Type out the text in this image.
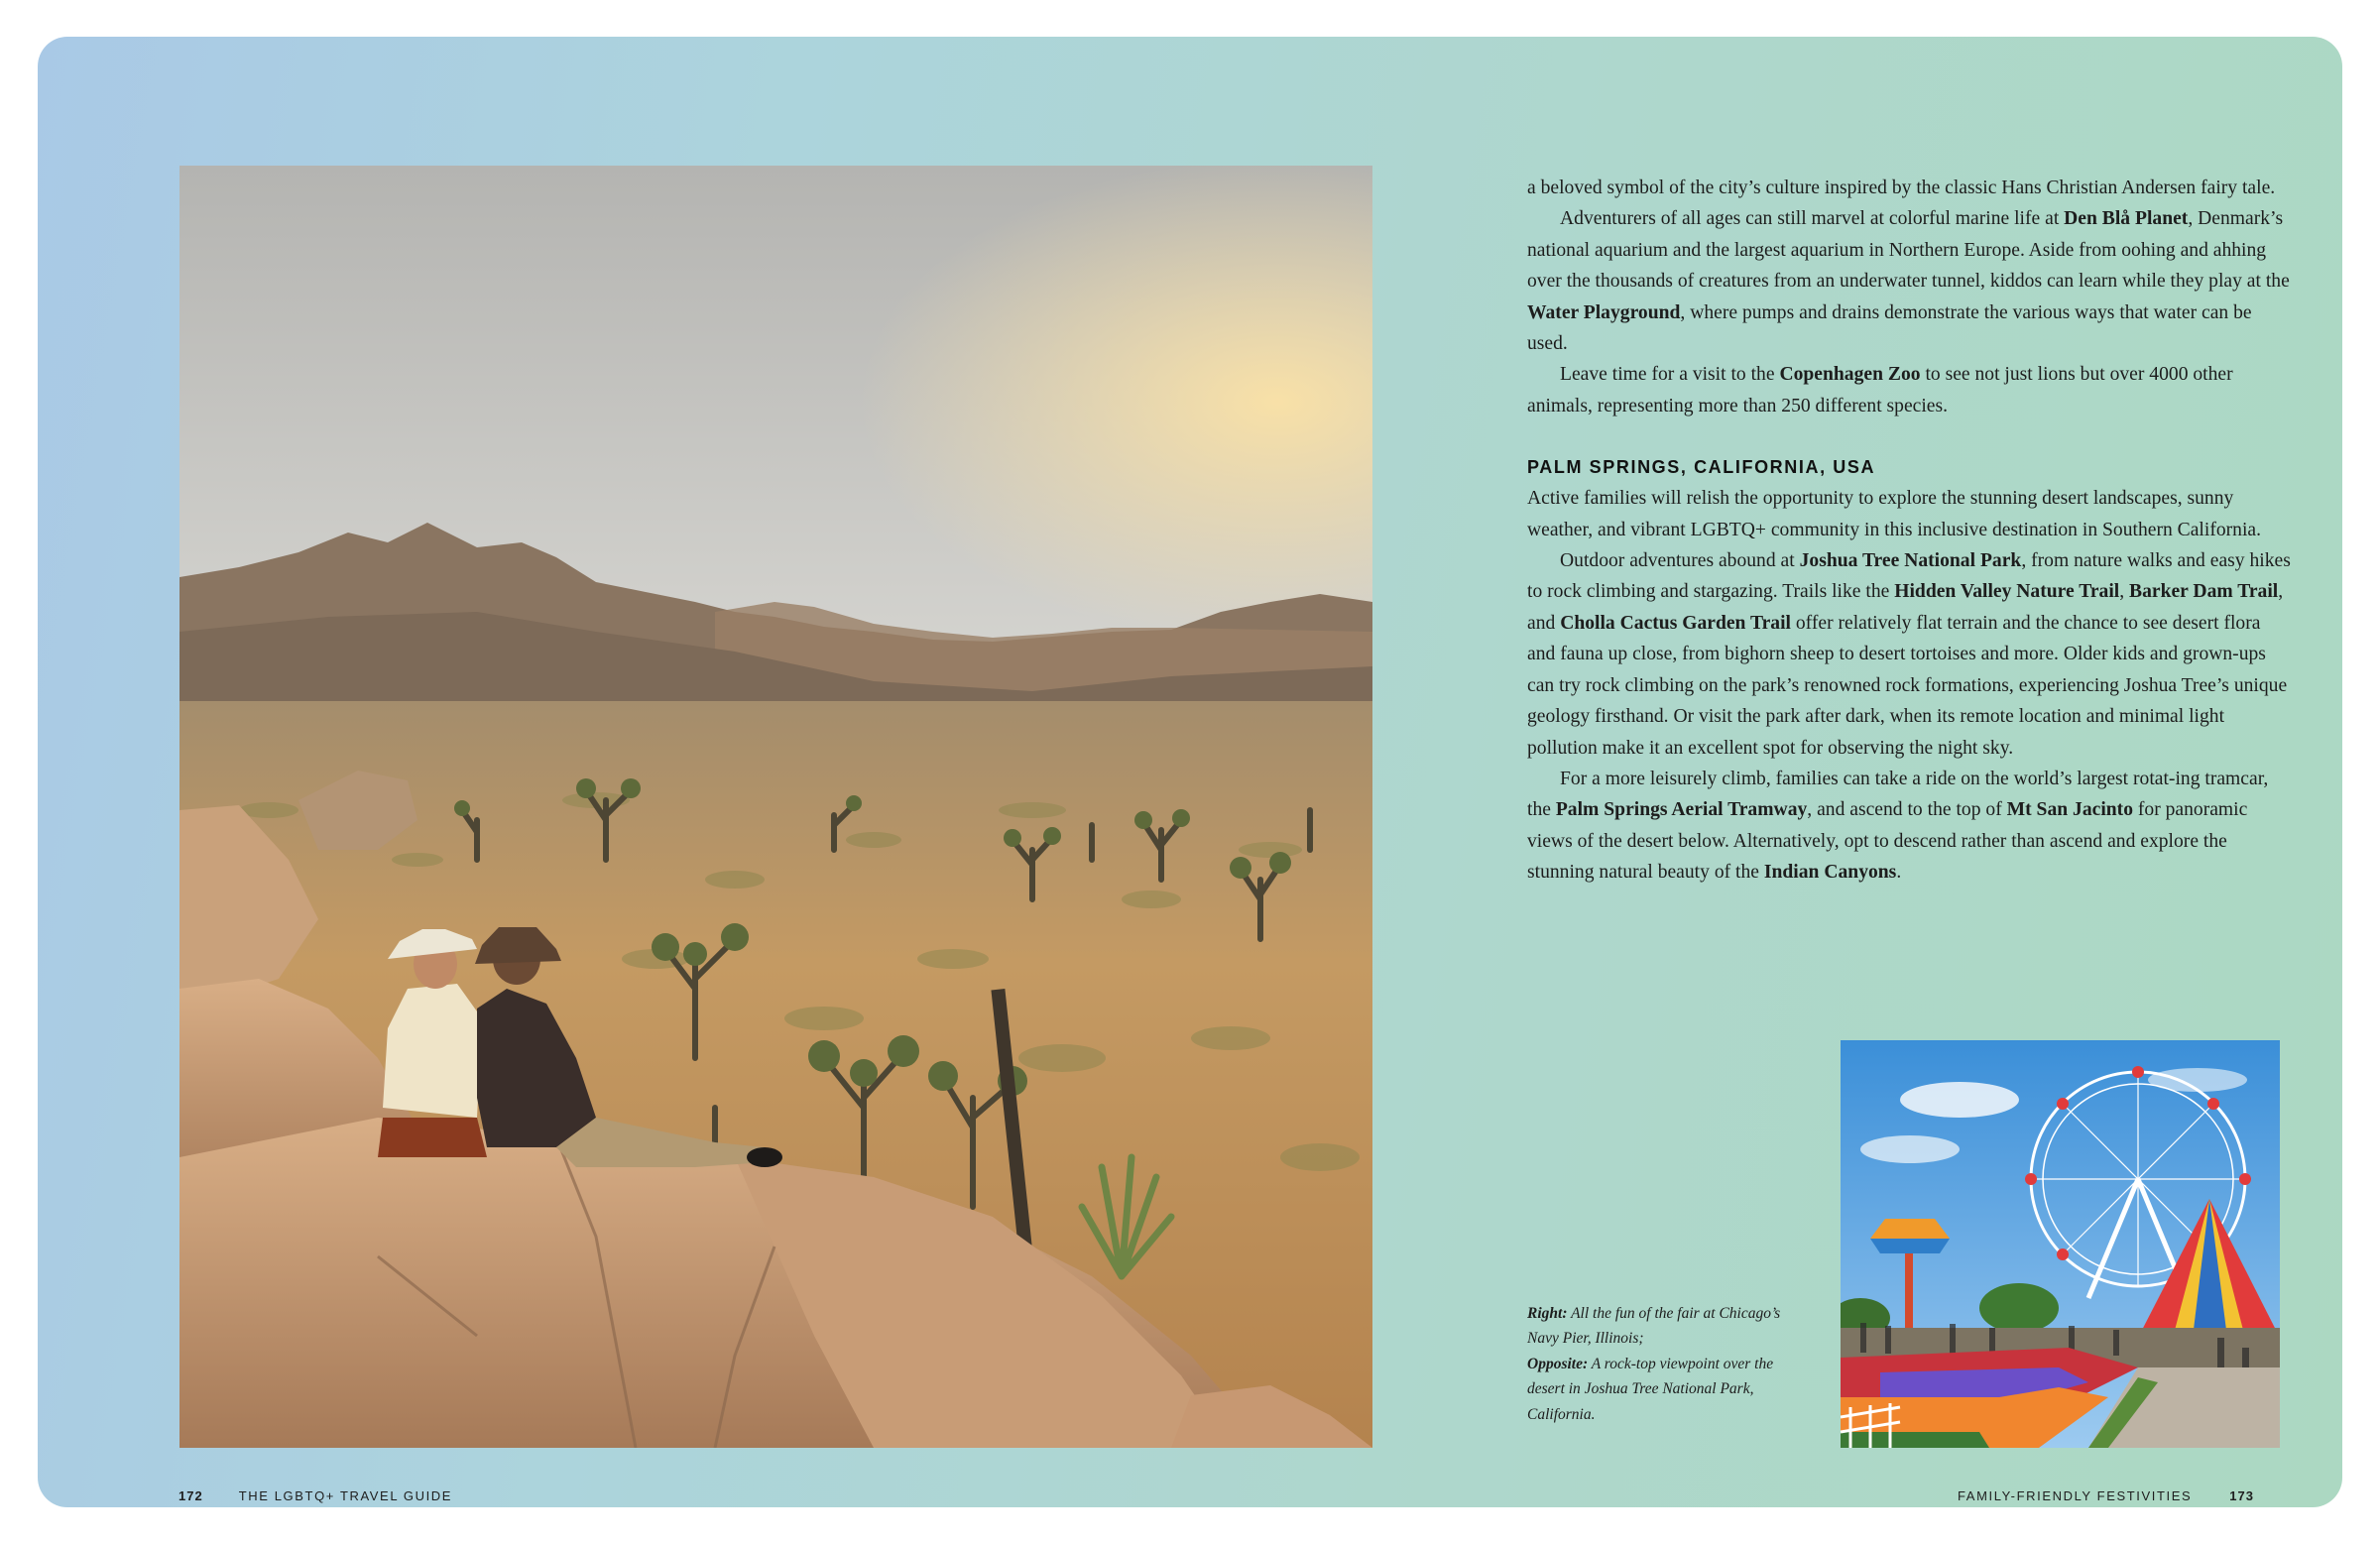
a beloved symbol of the city’s culture inspired by the classic Hans Christian Andersen fairy tale.

Adventurers of all ages can still marvel at colorful marine life at Den Blå Planet, Denmark’s national aquarium and the largest aquarium in Northern Europe. Aside from oohing and ahhing over the thousands of creatures from an underwater tunnel, kiddos can learn while they play at the Water Playground, where pumps and drains demonstrate the various ways that water can be used.

Leave time for a visit to the Copenhagen Zoo to see not just lions but over 4000 other animals, representing more than 250 different species.

PALM SPRINGS, CALIFORNIA, USA

Active families will relish the opportunity to explore the stunning desert landscapes, sunny weather, and vibrant LGBTQ+ community in this inclusive destination in Southern California.

Outdoor adventures abound at Joshua Tree National Park, from nature walks and easy hikes to rock climbing and stargazing. Trails like the Hidden Valley Nature Trail, Barker Dam Trail, and Cholla Cactus Garden Trail offer relatively flat terrain and the chance to see desert flora and fauna up close, from bighorn sheep to desert tortoises and more. Older kids and grown-ups can try rock climbing on the park’s renowned rock formations, experiencing Joshua Tree’s unique geology firsthand. Or visit the park after dark, when its remote location and minimal light pollution make it an excellent spot for observing the night sky.

For a more leisurely climb, families can take a ride on the world’s largest rotat-ing tramcar, the Palm Springs Aerial Tramway, and ascend to the top of Mt San Jacinto for panoramic views of the desert below. Alternatively, opt to descend rather than ascend and explore the stunning natural beauty of the Indian Canyons.

Right: All the fun of the fair at Chicago’s Navy Pier, Illinois;
Opposite: A rock-top viewpoint over the desert in Joshua Tree National Park, California.
172	THE LGBTQ+ TRAVEL GUIDE	FAMILY-FRIENDLY FESTIVITIES	173
